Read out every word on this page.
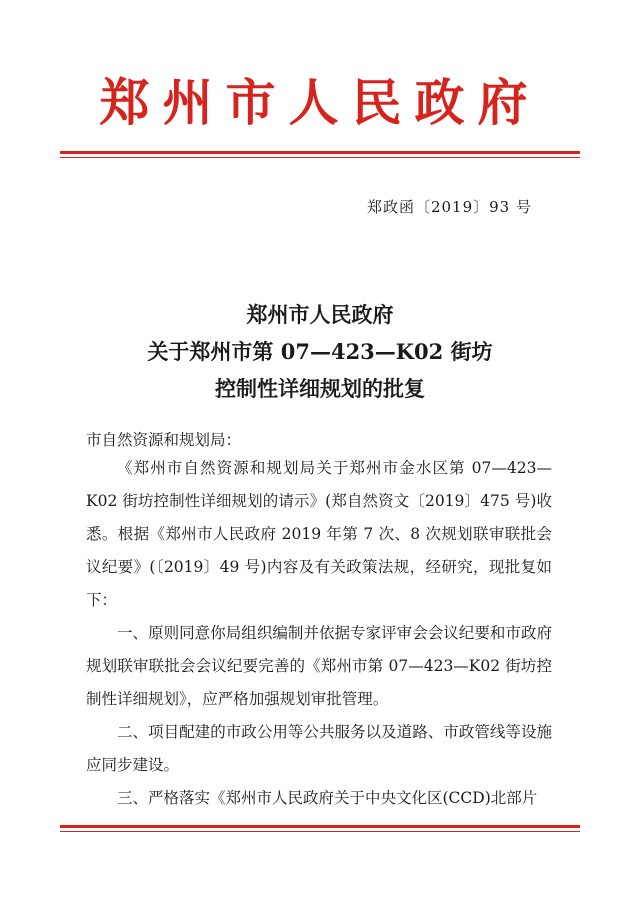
郑州市人民政府
郑政函〔2019〕93 号
郑州市人民政府
关于郑州市第 07—423—K02 街坊
控制性详细规划的批复
市自然资源和规划局：
《郑州市自然资源和规划局关于郑州市金水区第 07—423—K02 街坊控制性详细规划的请示》(郑自然资文〔2019〕475 号)收悉。根据《郑州市人民政府 2019 年第 7 次、8 次规划联审联批会议纪要》(〔2019〕49 号)内容及有关政策法规，经研究，现批复如下：
一、原则同意你局组织编制并依据专家评审会会议纪要和市政府规划联审联批会会议纪要完善的《郑州市第 07—423—K02 街坊控制性详细规划》，应严格加强规划审批管理。
二、项目配建的市政公用等公共服务以及道路、市政管线等设施应同步建设。
三、严格落实《郑州市人民政府关于中央文化区(CCD)北部片
